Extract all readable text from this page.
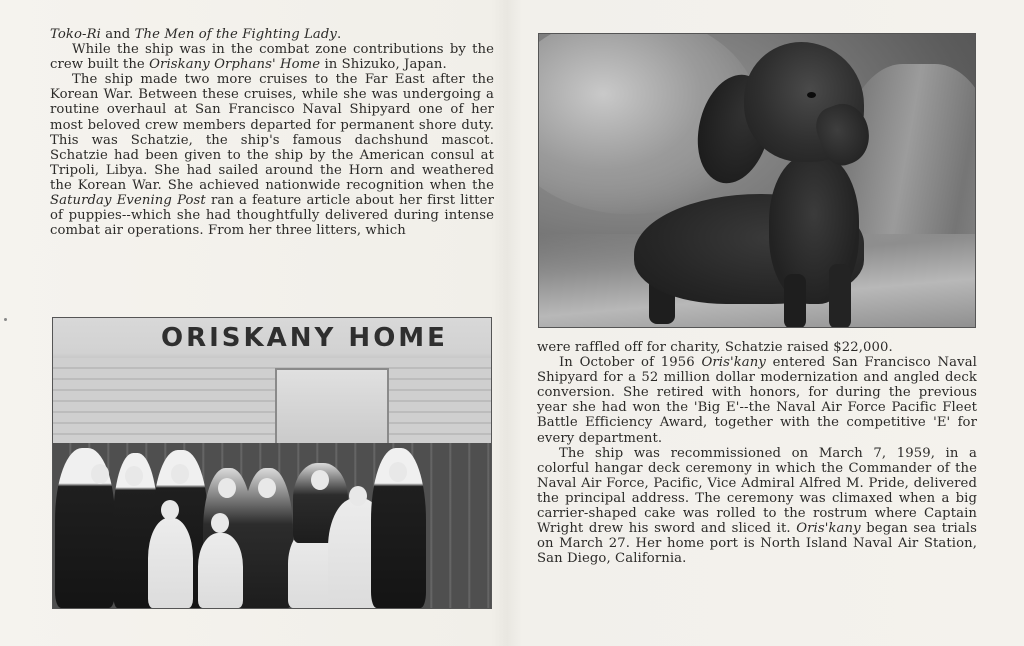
Toko-Ri and The Men of the Fighting Lady.

While the ship was in the combat zone contributions by the crew built the Oriskany Orphans' Home in Shizuko, Japan.

The ship made two more cruises to the Far East after the Korean War. Between these cruises, while she was undergoing a routine overhaul at San Francisco Naval Shipyard one of her most beloved crew members departed for permanent shore duty. This was Schatzie, the ship's famous dachshund mascot. Schatzie had been given to the ship by the American consul at Tripoli, Libya. She had sailed around the Horn and weathered the Korean War. She achieved nationwide recognition when the Saturday Evening Post ran a feature article about her first litter of puppies--which she had thoughtfully delivered during intense combat air operations. From her three litters, which

ORISKANY HOME	were raffled off for charity, Schatzie raised $22,000.

In October of 1956 Oris'kany entered San Francisco Naval Shipyard for a 52 million dollar modernization and angled deck conversion. She retired with honors, for during the previous year she had won the 'Big E'--the Naval Air Force Pacific Fleet Battle Efficiency Award, together with the competitive 'E' for every department.

The ship was recommissioned on March 7, 1959, in a colorful hangar deck ceremony in which the Commander of the Naval Air Force, Pacific, Vice Admiral Alfred M. Pride, delivered the principal address. The ceremony was climaxed when a big carrier-shaped cake was rolled to the rostrum where Captain Wright drew his sword and sliced it. Oris'kany began sea trials on March 27. Her home port is North Island Naval Air Station, San Diego, California.
